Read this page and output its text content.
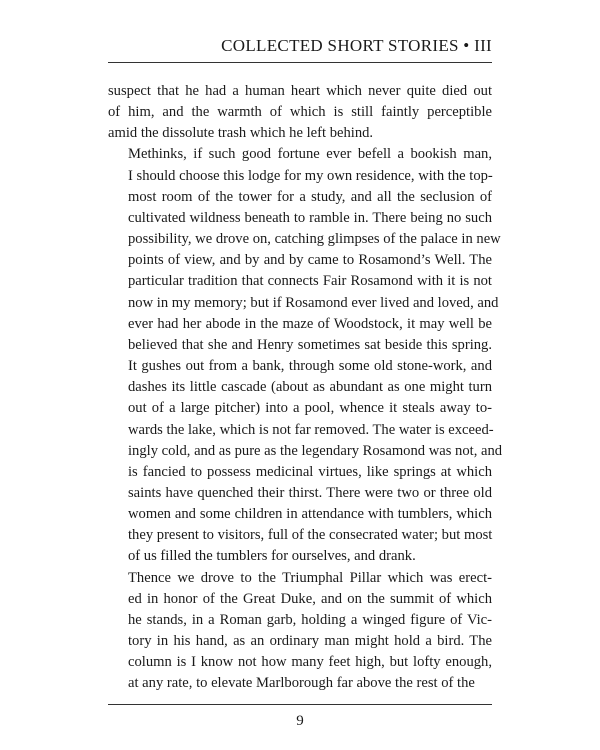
COLLECTED SHORT STORIES • III

suspect that he had a human heart which never quite died out
of him, and the warmth of which is still faintly perceptible
amid the dissolute trash which he left behind.

Methinks, if such good fortune ever befell a bookish man,
I should choose this lodge for my own residence, with the top-
most room of the tower for a study, and all the seclusion of
cultivated wildness beneath to ramble in. There being no such
possibility, we drove on, catching glimpses of the palace in new
points of view, and by and by came to Rosamond’s Well. The
particular tradition that connects Fair Rosamond with it is not
now in my memory; but if Rosamond ever lived and loved, and
ever had her abode in the maze of Woodstock, it may well be
believed that she and Henry sometimes sat beside this spring.
It gushes out from a bank, through some old stone-work, and
dashes its little cascade (about as abundant as one might turn
out of a large pitcher) into a pool, whence it steals away to-
wards the lake, which is not far removed. The water is exceed-
ingly cold, and as pure as the legendary Rosamond was not, and
is fancied to possess medicinal virtues, like springs at which
saints have quenched their thirst. There were two or three old
women and some children in attendance with tumblers, which
they present to visitors, full of the consecrated water; but most
of us filled the tumblers for ourselves, and drank.

Thence we drove to the Triumphal Pillar which was erect-
ed in honor of the Great Duke, and on the summit of which
he stands, in a Roman garb, holding a winged figure of Vic-
tory in his hand, as an ordinary man might hold a bird. The
column is I know not how many feet high, but lofty enough,
at any rate, to elevate Marlborough far above the rest of the

9
